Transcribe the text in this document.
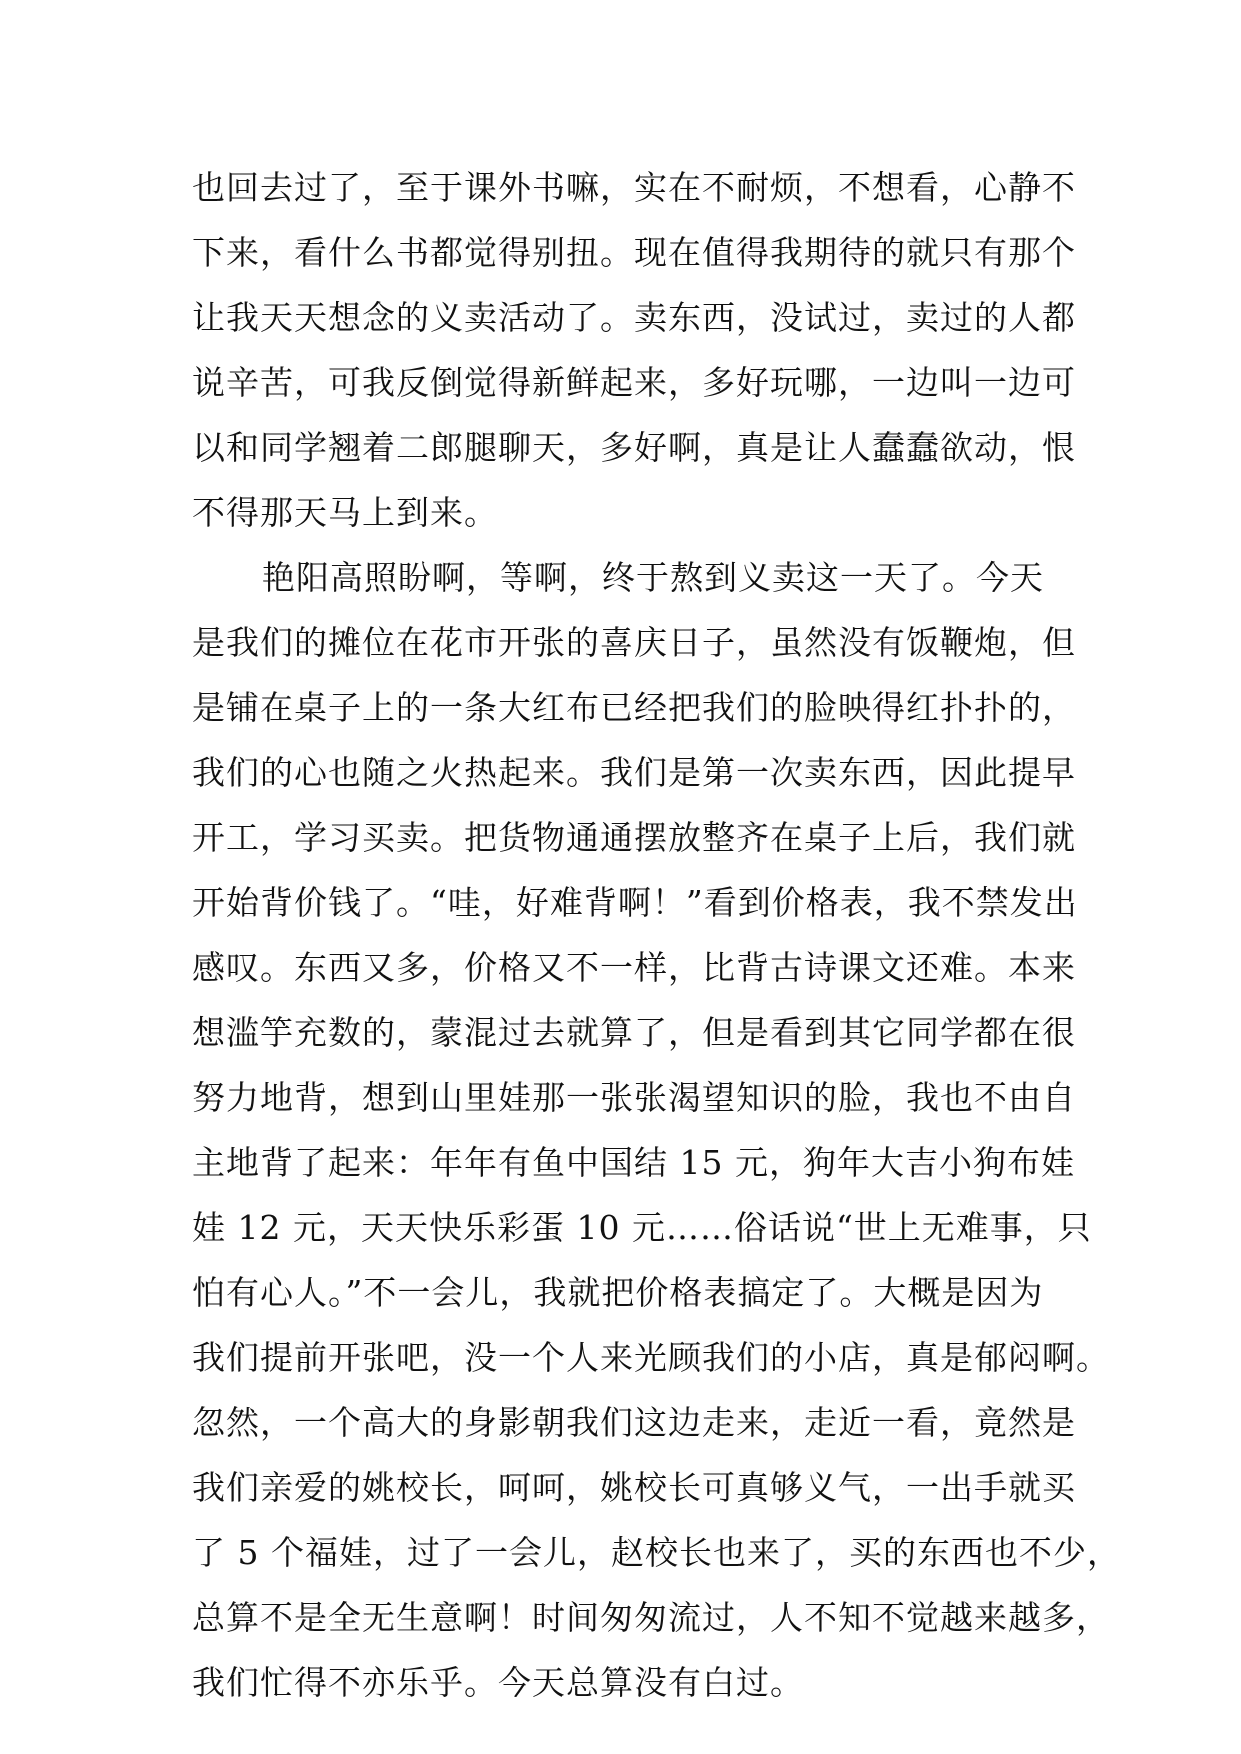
也回去过了，至于课外书嘛，实在不耐烦，不想看，心静不
下来，看什么书都觉得别扭。现在值得我期待的就只有那个
让我天天想念的义卖活动了。卖东西，没试过，卖过的人都
说辛苦，可我反倒觉得新鲜起来，多好玩哪，一边叫一边可
以和同学翘着二郎腿聊天，多好啊，真是让人蠢蠢欲动，恨
不得那天马上到来。
艳阳高照盼啊，等啊，终于熬到义卖这一天了。今天
是我们的摊位在花市开张的喜庆日子，虽然没有饭鞭炮，但
是铺在桌子上的一条大红布已经把我们的脸映得红扑扑的，
我们的心也随之火热起来。我们是第一次卖东西，因此提早
开工，学习买卖。把货物通通摆放整齐在桌子上后，我们就
开始背价钱了。“哇，好难背啊！”看到价格表，我不禁发出
感叹。东西又多，价格又不一样，比背古诗课文还难。本来
想滥竽充数的，蒙混过去就算了，但是看到其它同学都在很
努力地背，想到山里娃那一张张渴望知识的脸，我也不由自
主地背了起来：年年有鱼中国结 15 元，狗年大吉小狗布娃
娃 12 元，天天快乐彩蛋 10 元……俗话说“世上无难事，只
怕有心人。”不一会儿，我就把价格表搞定了。大概是因为
我们提前开张吧，没一个人来光顾我们的小店，真是郁闷啊。
忽然，一个高大的身影朝我们这边走来，走近一看，竟然是
我们亲爱的姚校长，呵呵，姚校长可真够义气，一出手就买
了 5 个福娃，过了一会儿，赵校长也来了，买的东西也不少，
总算不是全无生意啊！时间匆匆流过，人不知不觉越来越多，
我们忙得不亦乐乎。今天总算没有白过。
